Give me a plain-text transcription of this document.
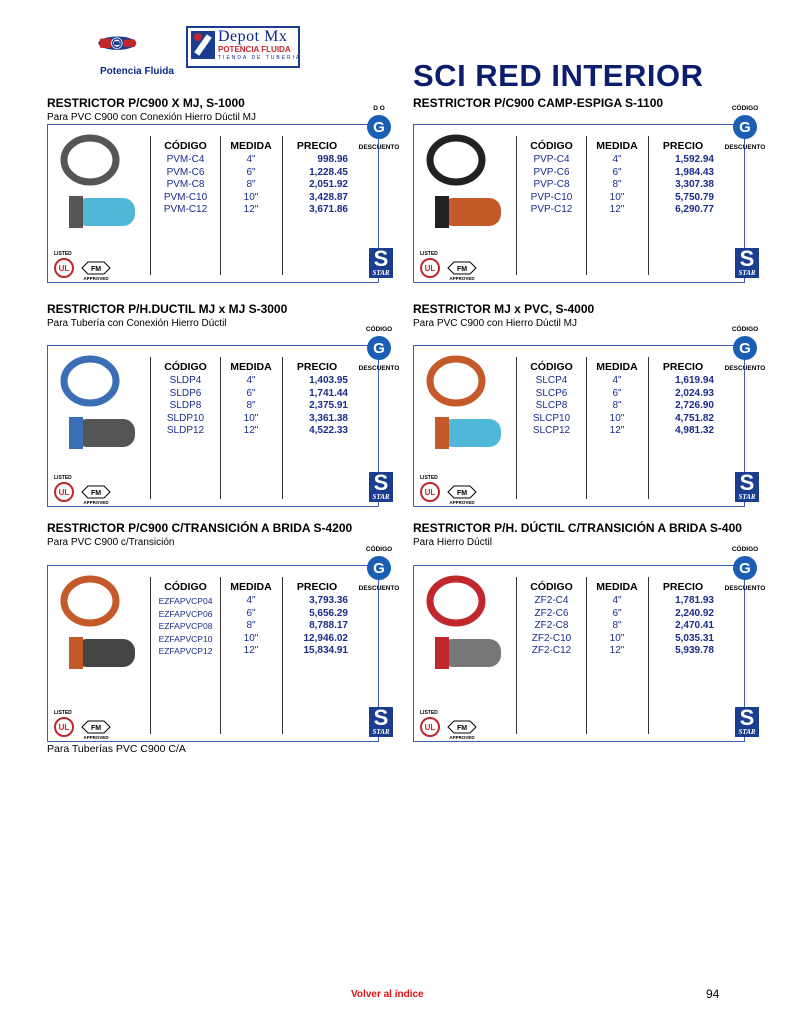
Potencia Fluida
Depot Mx
POTENCIA FLUIDA
TIENDA DE TUBERIA	SCI RED INTERIOR
RESTRICTOR P/C900 X MJ, S-1000
Para PVC C900 con Conexión Hierro Dúctil MJ
CÓDIGO	MEDIDA	PRECIO
PVM-C4	4"	998.96
PVM-C6	6"	1,228.45
PVM-C8	8"	2,051.92
PVM-C10	10"	3,428.87
PVM-C12	12"	3,671.86
G
D O
DESCUENTO
S
STAR
LISTED
UL	FM
APPROVED
RESTRICTOR P/C900 CAMP-ESPIGA S-1100
CÓDIGO	MEDIDA	PRECIO
PVP-C4	4"	1,592.94
PVP-C6	6"	1,984.43
PVP-C8	8"	3,307.38
PVP-C10	10"	5,750.79
PVP-C12	12"	6,290.77
G
CÓDIGO
DESCUENTO
S
STAR
LISTED
UL	FM
APPROVED
RESTRICTOR P/H.DUCTIL MJ x MJ S-3000
Para Tubería con Conexión Hierro Dúctil
CÓDIGO	MEDIDA	PRECIO
SLDP4	4"	1,403.95
SLDP6	6"	1,741.44
SLDP8	8"	2,375.91
SLDP10	10"	3,361.38
SLDP12	12"	4,522.33
G
CÓDIGO
DESCUENTO
S
STAR
LISTED
UL	FM
APPROVED
RESTRICTOR MJ x PVC, S-4000
Para PVC C900 con Hierro Dúctil MJ
CÓDIGO	MEDIDA	PRECIO
SLCP4	4"	1,619.94
SLCP6	6"	2,024.93
SLCP8	8"	2,726.90
SLCP10	10"	4,751.82
SLCP12	12"	4,981.32
G
CÓDIGO
DESCUENTO
S
STAR
LISTED
UL	FM
APPROVED
RESTRICTOR P/C900 C/TRANSICIÓN A BRIDA S-4200
Para PVC C900 c/Transición
CÓDIGO	MEDIDA	PRECIO
EZFAPVCP04	4"	3,793.36
EZFAPVCP06	6"	5,656.29
EZFAPVCP08	8"	8,788.17
EZFAPVCP10	10"	12,946.02
EZFAPVCP12	12"	15,834.91
G
CÓDIGO
DESCUENTO
S
STAR
LISTED
UL	FM
APPROVED
RESTRICTOR P/H. DÚCTIL C/TRANSICIÓN A BRIDA S-400
Para Hierro Dúctil
CÓDIGO	MEDIDA	PRECIO
ZF2-C4	4"	1,781.93
ZF2-C6	6"	2,240.92
ZF2-C8	8"	2,470.41
ZF2-C10	10"	5,035.31
ZF2-C12	12"	5,939.78
G
CÓDIGO
DESCUENTO
S
STAR
LISTED
UL	FM
APPROVED
Para Tuberías PVC C900 C/A
Volver al índice	94
